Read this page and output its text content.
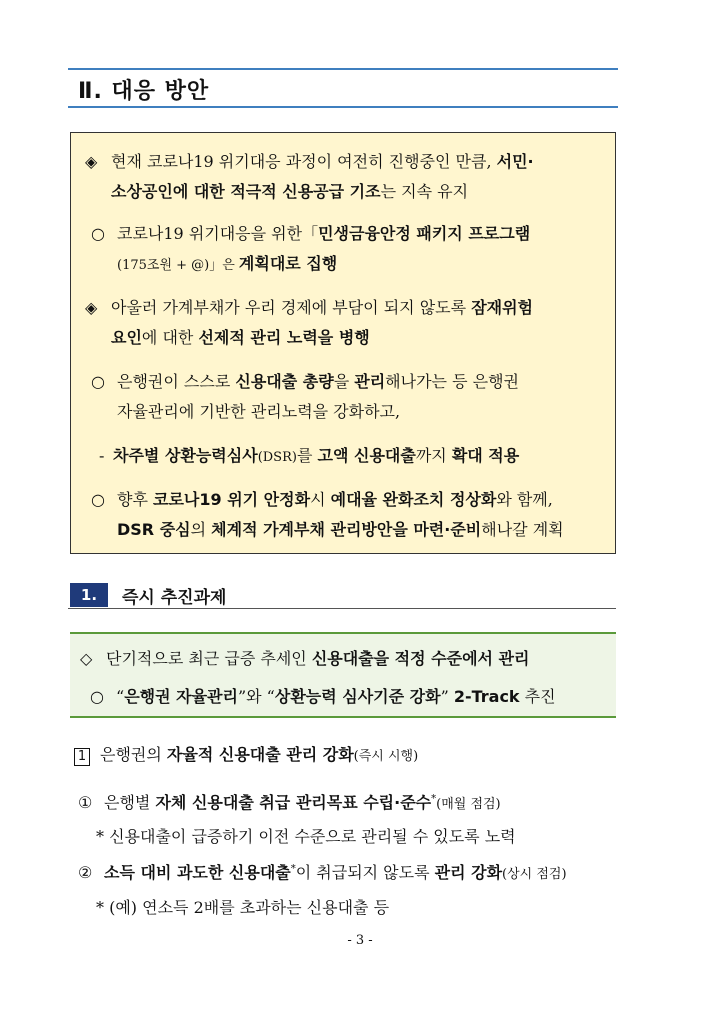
Ⅱ. 대응 방안
◈ 현재 코로나19 위기대응 과정이 여전히 진행중인 만큼, 서민·
소상공인에 대한 적극적 신용공급 기조는 지속 유지
○ 코로나19 위기대응을 위한「민생금융안정 패키지 프로그램
(175조원 + @)」은 계획대로 집행
◈ 아울러 가계부채가 우리 경제에 부담이 되지 않도록 잠재위험
요인에 대한 선제적 관리 노력을 병행
○ 은행권이 스스로 신용대출 총량을 관리해나가는 등 은행권
자율관리에 기반한 관리노력을 강화하고,
- 차주별 상환능력심사(DSR)를 고액 신용대출까지 확대 적용
○ 향후 코로나19 위기 안정화시 예대율 완화조치 정상화와 함께,
DSR 중심의 체계적 가계부채 관리방안을 마련·준비해나갈 계획
1.	즉시 추진과제
◇ 단기적으로 최근 급증 추세인 신용대출을 적정 수준에서 관리
○ “은행권 자율관리”와 “상환능력 심사기준 강화” 2-Track 추진
1 은행권의 자율적 신용대출 관리 강화(즉시 시행)
① 은행별 자체 신용대출 취급 관리목표 수립·준수*(매월 점검)
* 신용대출이 급증하기 이전 수준으로 관리될 수 있도록 노력
② 소득 대비 과도한 신용대출*이 취급되지 않도록 관리 강화(상시 점검)
* (예) 연소득 2배를 초과하는 신용대출 등
- 3 -
